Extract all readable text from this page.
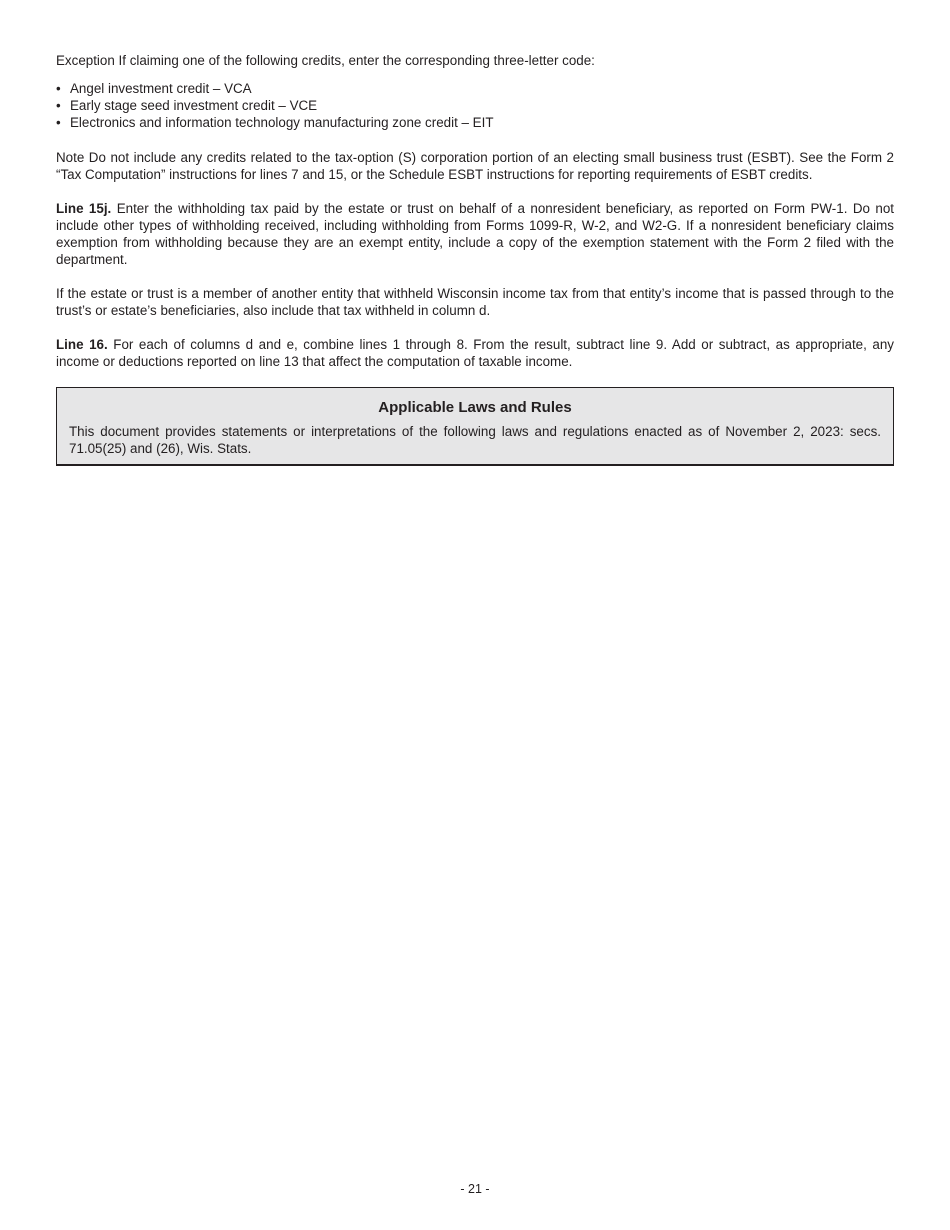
Exception If claiming one of the following credits, enter the corresponding three-letter code:

• Angel investment credit – VCA
• Early stage seed investment credit – VCE
• Electronics and information technology manufacturing zone credit – EIT

Note Do not include any credits related to the tax-option (S) corporation portion of an electing small business trust (ESBT). See the Form 2 “Tax Computation” instructions for lines 7 and 15, or the Schedule ESBT instructions for reporting requirements of ESBT credits.

Line 15j. Enter the withholding tax paid by the estate or trust on behalf of a nonresident beneficiary, as reported on Form PW-1. Do not include other types of withholding received, including withholding from Forms 1099-R, W-2, and W2-G. If a nonresident beneficiary claims exemption from withholding because they are an exempt entity, include a copy of the exemption statement with the Form 2 filed with the department.

If the estate or trust is a member of another entity that withheld Wisconsin income tax from that entity’s income that is passed through to the trust’s or estate’s beneficiaries, also include that tax withheld in column d.

Line 16. For each of columns d and e, combine lines 1 through 8. From the result, subtract line 9. Add or subtract, as appropriate, any income or deductions reported on line 13 that affect the computation of taxable income.

Applicable Laws and Rules

This document provides statements or interpretations of the following laws and regulations enacted as of November 2, 2023: secs. 71.05(25) and (26), Wis. Stats.

- 21 -
